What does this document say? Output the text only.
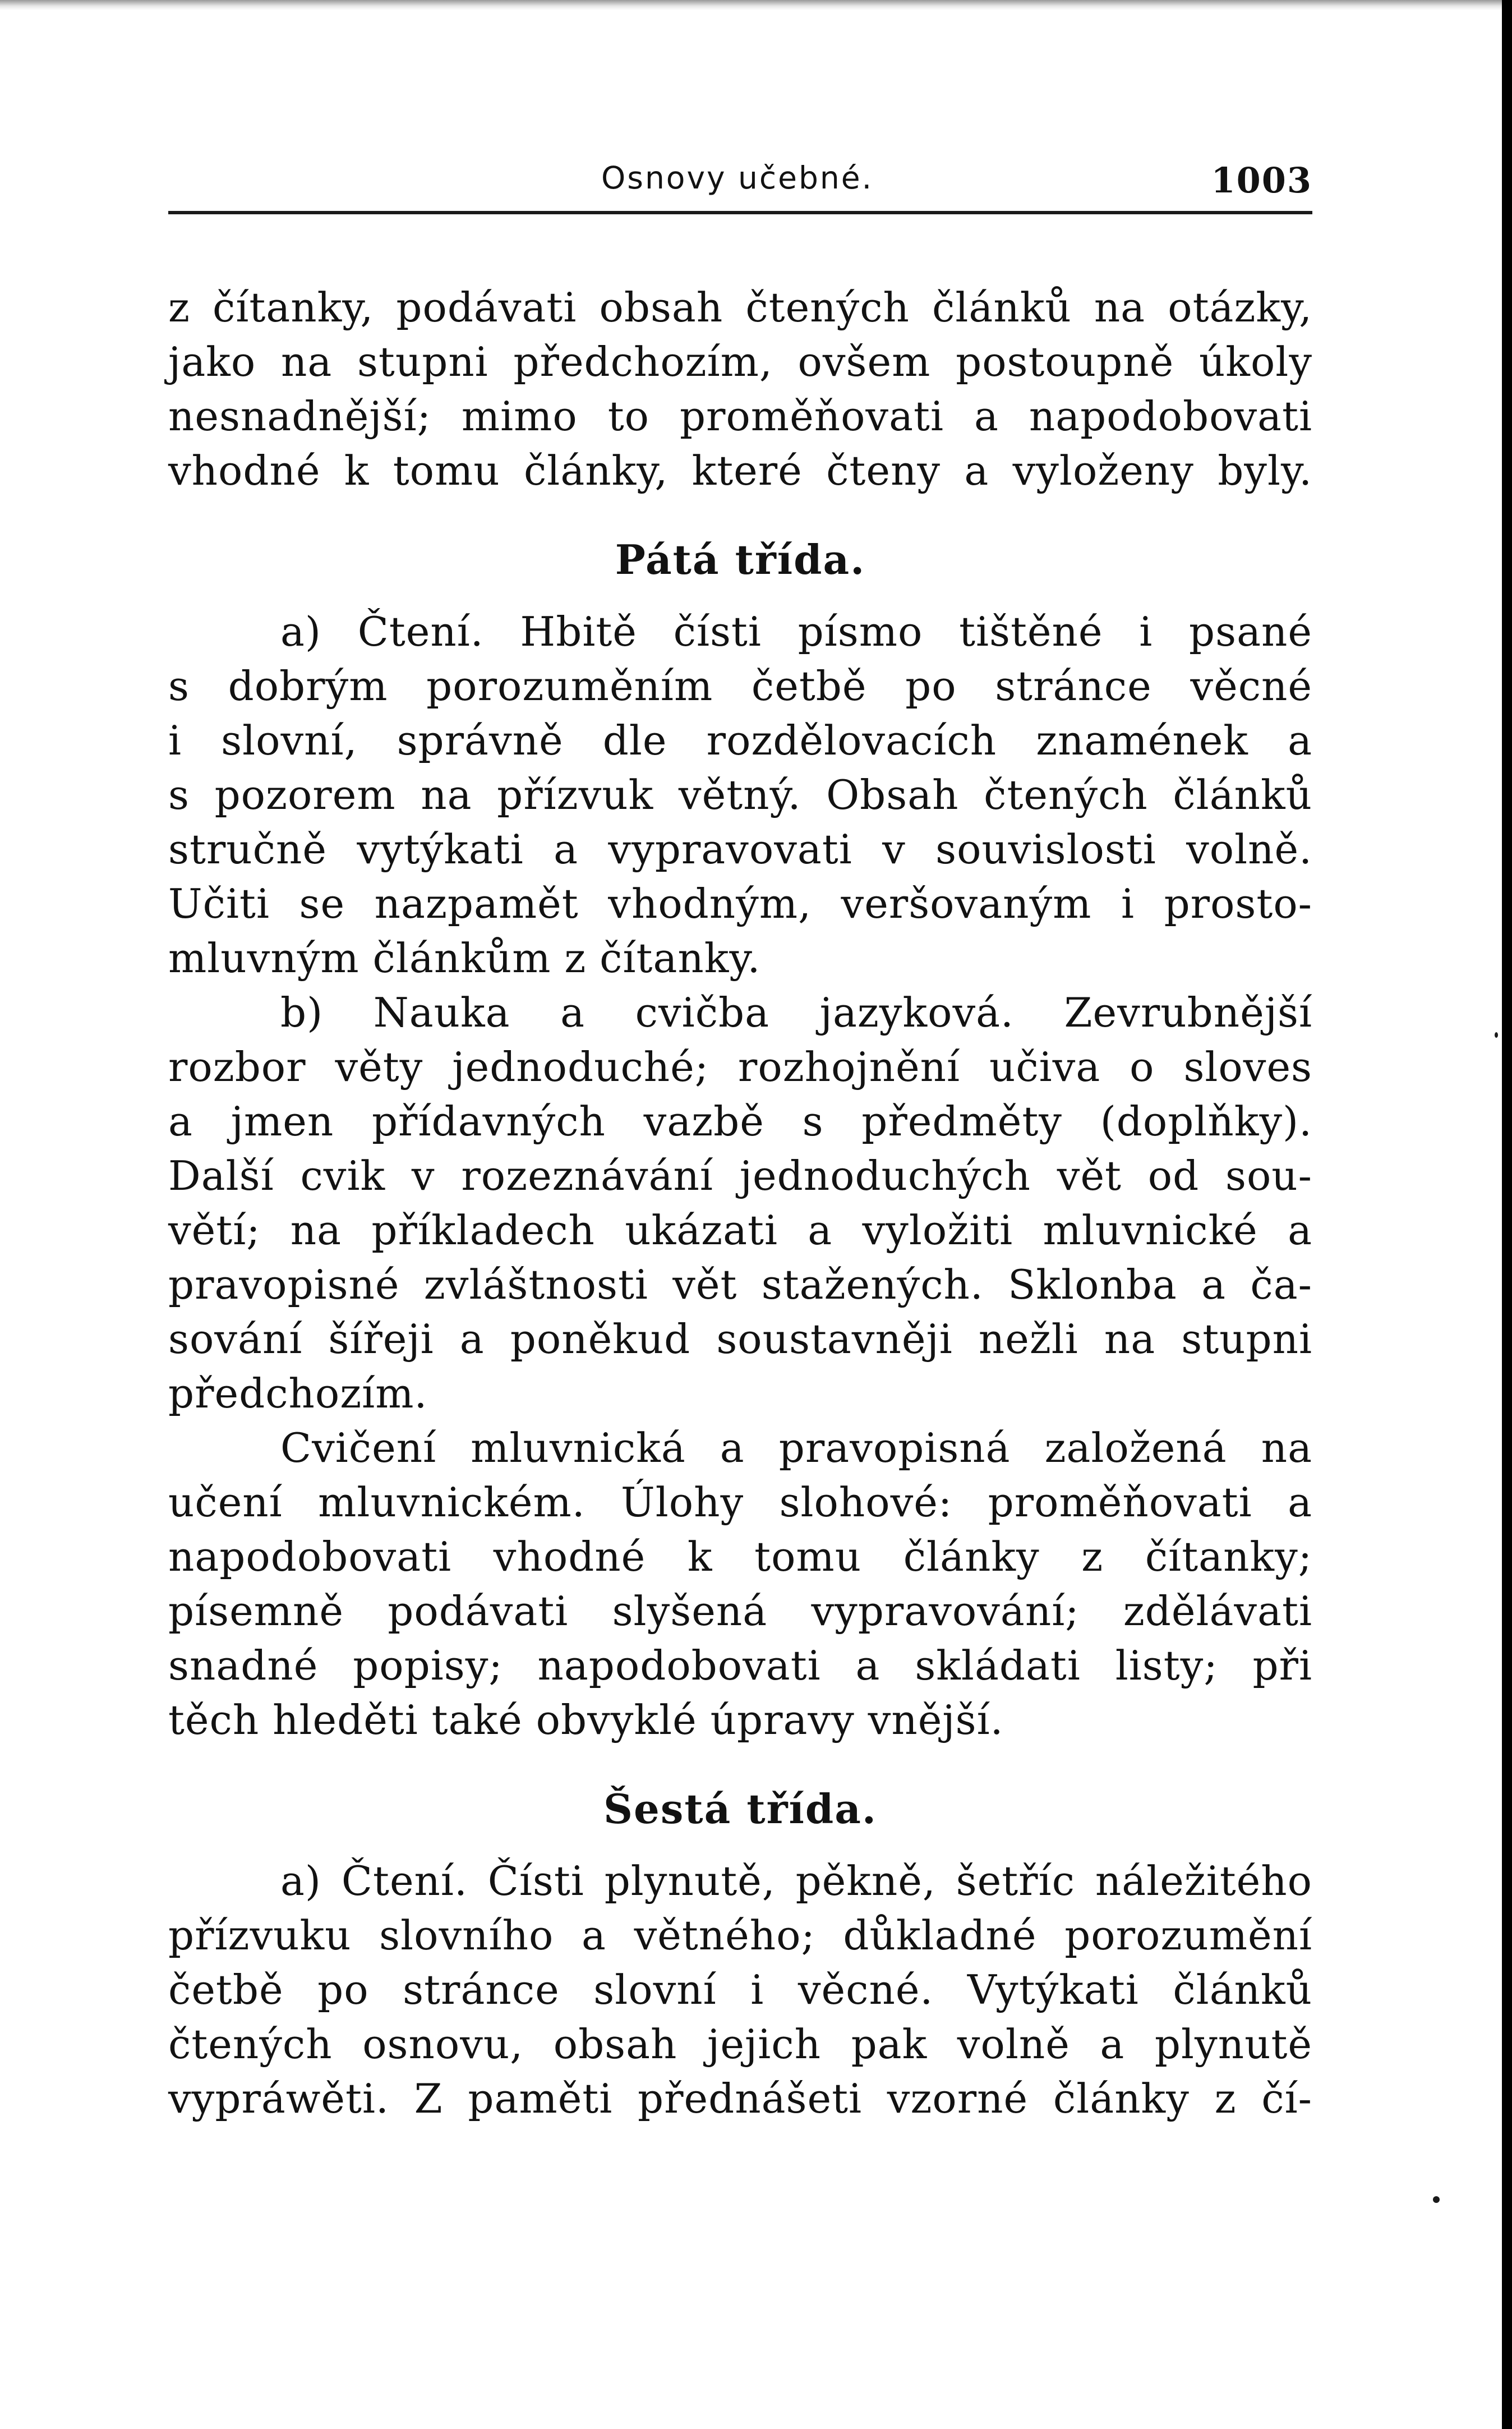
Osnovy učebné.	1003
z čítanky, podávati obsah čtených článků na otázky,
jako na stupni předchozím, ovšem postoupně úkoly
nesnadnější; mimo to proměňovati a napodobovati
vhodné k tomu články, které čteny a vyloženy byly.
Pátá třída.
a) Čtení. Hbitě čísti písmo tištěné i psané
s dobrým porozuměním četbě po stránce věcné
i slovní, správně dle rozdělovacích znamének a
s pozorem na přízvuk větný. Obsah čtených článků
stručně vytýkati a vypravovati v souvislosti volně.
Učiti se nazpamět vhodným, veršovaným i prosto-
mluvným článkům z čítanky.
b) Nauka a cvičba jazyková. Zevrubnější
rozbor věty jednoduché; rozhojnění učiva o sloves
a jmen přídavných vazbě s předměty (doplňky).
Další cvik v rozeznávání jednoduchých vět od sou-
větí; na příkladech ukázati a vyložiti mluvnické a
pravopisné zvláštnosti vět stažených. Sklonba a ča-
sování šířeji a poněkud soustavněji nežli na stupni
předchozím.
Cvičení mluvnická a pravopisná založená na
učení mluvnickém. Úlohy slohové: proměňovati a
napodobovati vhodné k tomu články z čítanky;
písemně podávati slyšená vypravování; zdělávati
snadné popisy; napodobovati a skládati listy; při
těch hleděti také obvyklé úpravy vnější.
Šestá třída.
a) Čtení. Čísti plynutě, pěkně, šetříc náležitého
přízvuku slovního a větného; důkladné porozumění
četbě po stránce slovní i věcné. Vytýkati článků
čtených osnovu, obsah jejich pak volně a plynutě
vypráwěti. Z paměti přednášeti vzorné články z čí-
